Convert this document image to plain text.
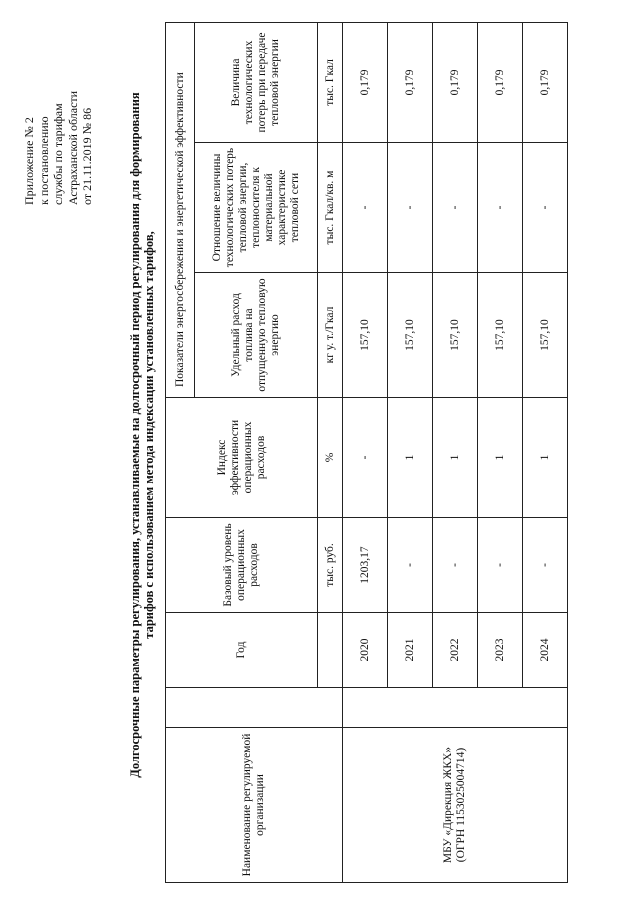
Приложение № 2 к постановлению службы по тарифам Астраханской области от 21.11.2019 № 86	Долгосрочные параметры регулирования, устанавливаемые на долгосрочный период регулирования для формирования тарифов с использованием метода индексации установленных тарифов,
Наименование регулируемой организации		Год	Базовый уровень операционных расходов	Индекс эффективности операционных расходов	Показатели энергосбережения и энергетической эффективности		
					Удельный расход топлива на отпущенную тепловую энергию	Отношение величины технологических потерь тепловой энергии, теплоносителя к материальной характеристике тепловой сети	Величина технологических потерь при передаче тепловой энергии
			тыс. руб.	%	кг у. т./Гкал	тыс. Гкал/кв. м	тыс. Гкал
МБУ «Дирекция ЖКХ» (ОГРН 1153025004714)		2020	1203,17	-	157,10	-	0,179
		2021	-	1	157,10	-	0,179
		2022	-	1	157,10	-	0,179
		2023	-	1	157,10	-	0,179
		2024	-	1	157,10	-	0,179
